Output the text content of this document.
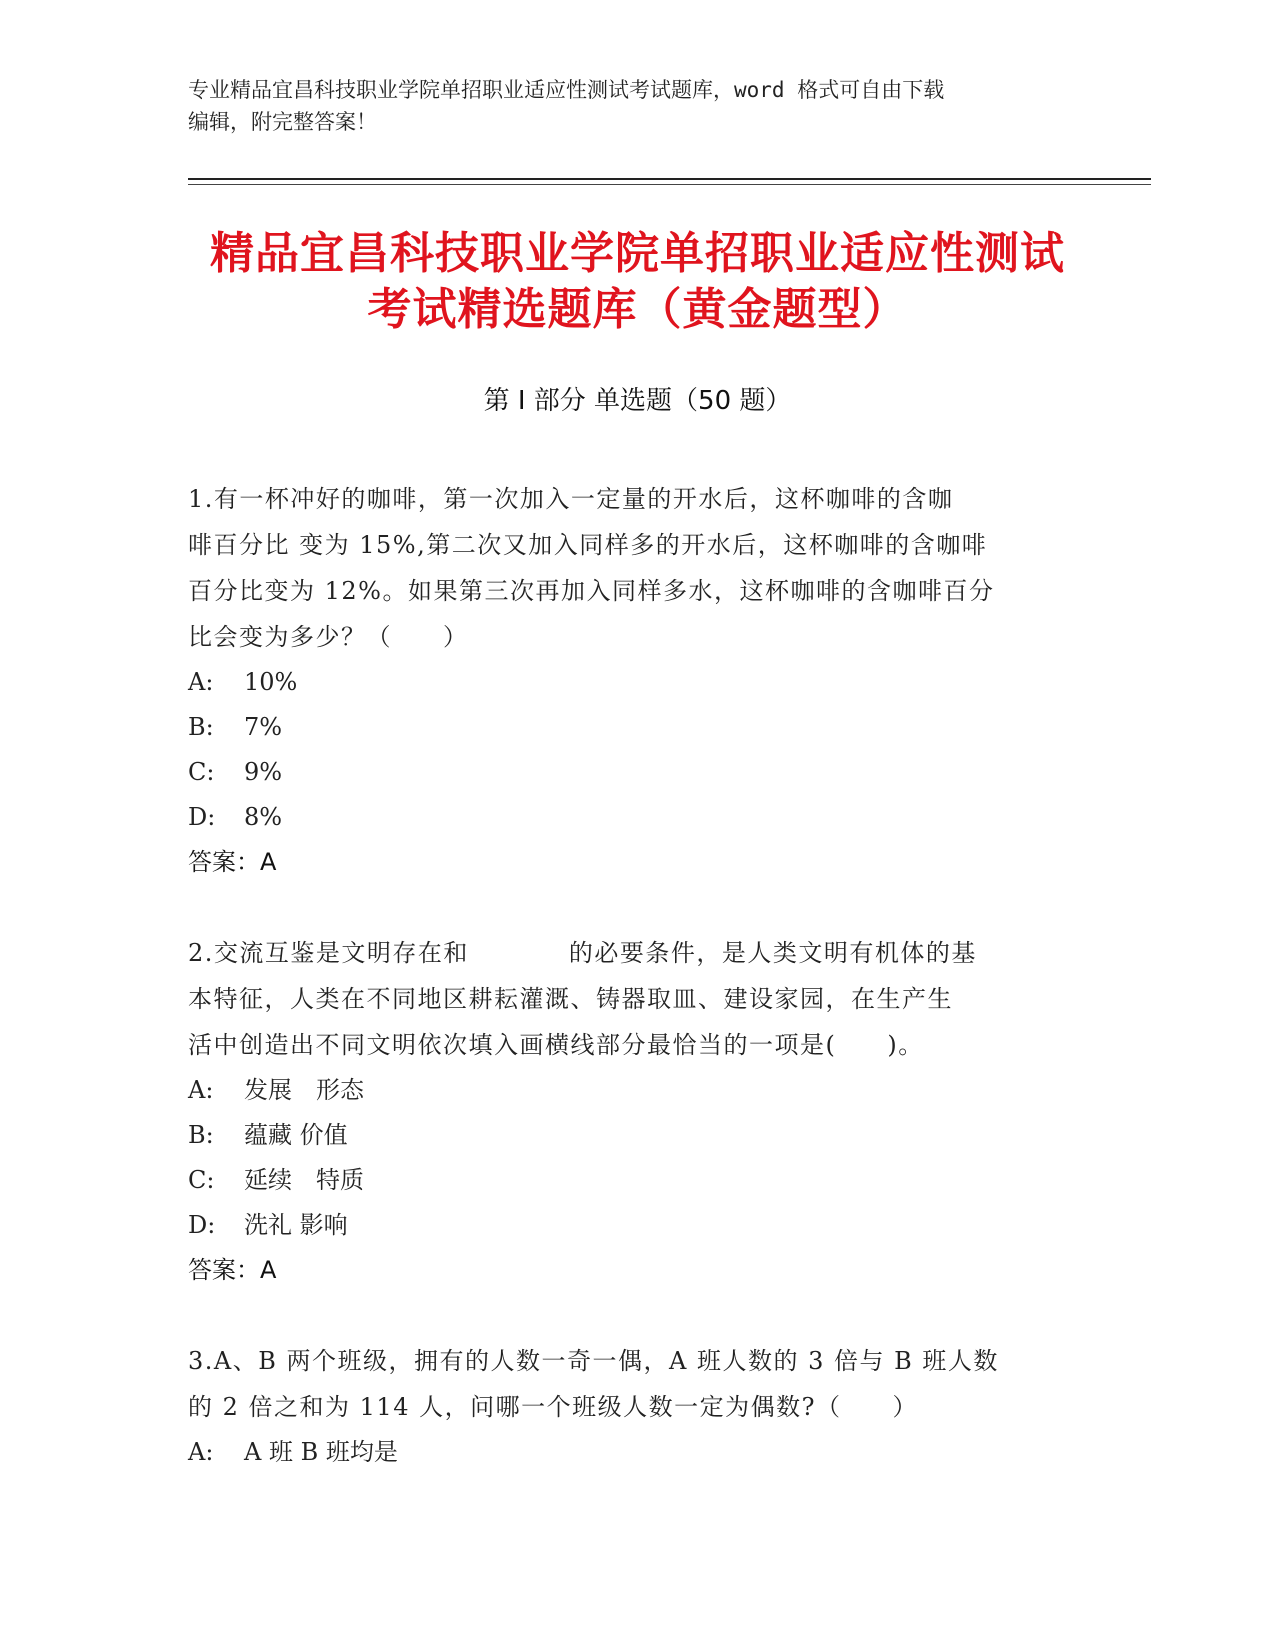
专业精品宜昌科技职业学院单招职业适应性测试考试题库，word 格式可自由下载
编辑，附完整答案！
精品宜昌科技职业学院单招职业适应性测试
考试精选题库（黄金题型）
第 I 部分 单选题（50 题）
1.有一杯冲好的咖啡，第一次加入一定量的开水后，这杯咖啡的含咖
啡百分比 变为 15%,第二次又加入同样多的开水后，这杯咖啡的含咖啡
百分比变为 12%。如果第三次再加入同样多水，这杯咖啡的含咖啡百分
比会变为多少？（　　）
A: 10%
B: 7%
C: 9%
D: 8%
答案：A
2.交流互鉴是文明存在和	的必要条件，是人类文明有机体的基
本特征，人类在不同地区耕耘灌溉、铸器取皿、建设家园，在生产生
活中创造出不同文明依次填入画横线部分最恰当的一项是(　　)。
A: 发展　形态
B: 蕴藏 价值
C: 延续　特质
D: 洗礼 影响
答案：A
3.A、B 两个班级，拥有的人数一奇一偶，A 班人数的 3 倍与 B 班人数
的 2 倍之和为 114 人，问哪一个班级人数一定为偶数?（　　）
A: A 班 B 班均是
